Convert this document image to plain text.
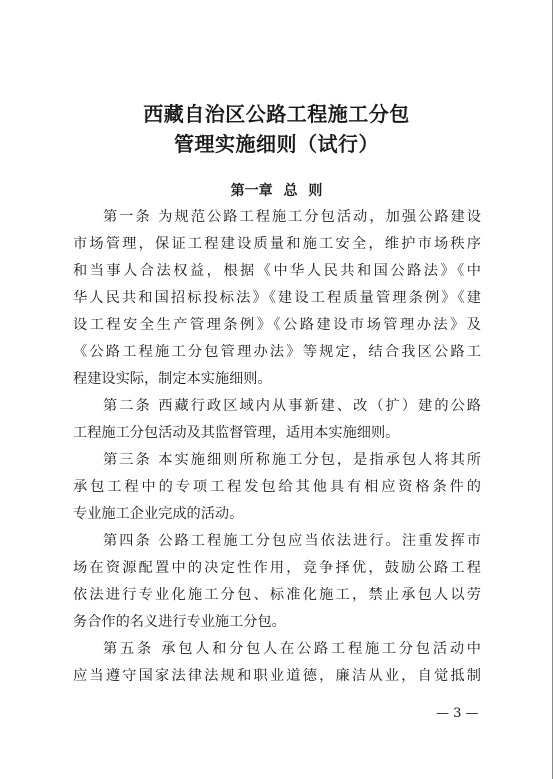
西藏自治区公路工程施工分包
管理实施细则（试行）
第一章 总 则
第一条 为规范公路工程施工分包活动，加强公路建设
市场管理，保证工程建设质量和施工安全，维护市场秩序
和当事人合法权益，根据《中华人民共和国公路法》《中
华人民共和国招标投标法》《建设工程质量管理条例》《建
设工程安全生产管理条例》《公路建设市场管理办法》及
《公路工程施工分包管理办法》等规定，结合我区公路工
程建设实际，制定本实施细则。
第二条 西藏行政区域内从事新建、改（扩）建的公路
工程施工分包活动及其监督管理，适用本实施细则。
第三条 本实施细则所称施工分包，是指承包人将其所
承包工程中的专项工程发包给其他具有相应资格条件的
专业施工企业完成的活动。
第四条 公路工程施工分包应当依法进行。注重发挥市
场在资源配置中的决定性作用，竞争择优，鼓励公路工程
依法进行专业化施工分包、标准化施工，禁止承包人以劳
务合作的名义进行专业施工分包。
第五条 承包人和分包人在公路工程施工分包活动中
应当遵守国家法律法规和职业道德，廉洁从业，自觉抵制
— 3 —
